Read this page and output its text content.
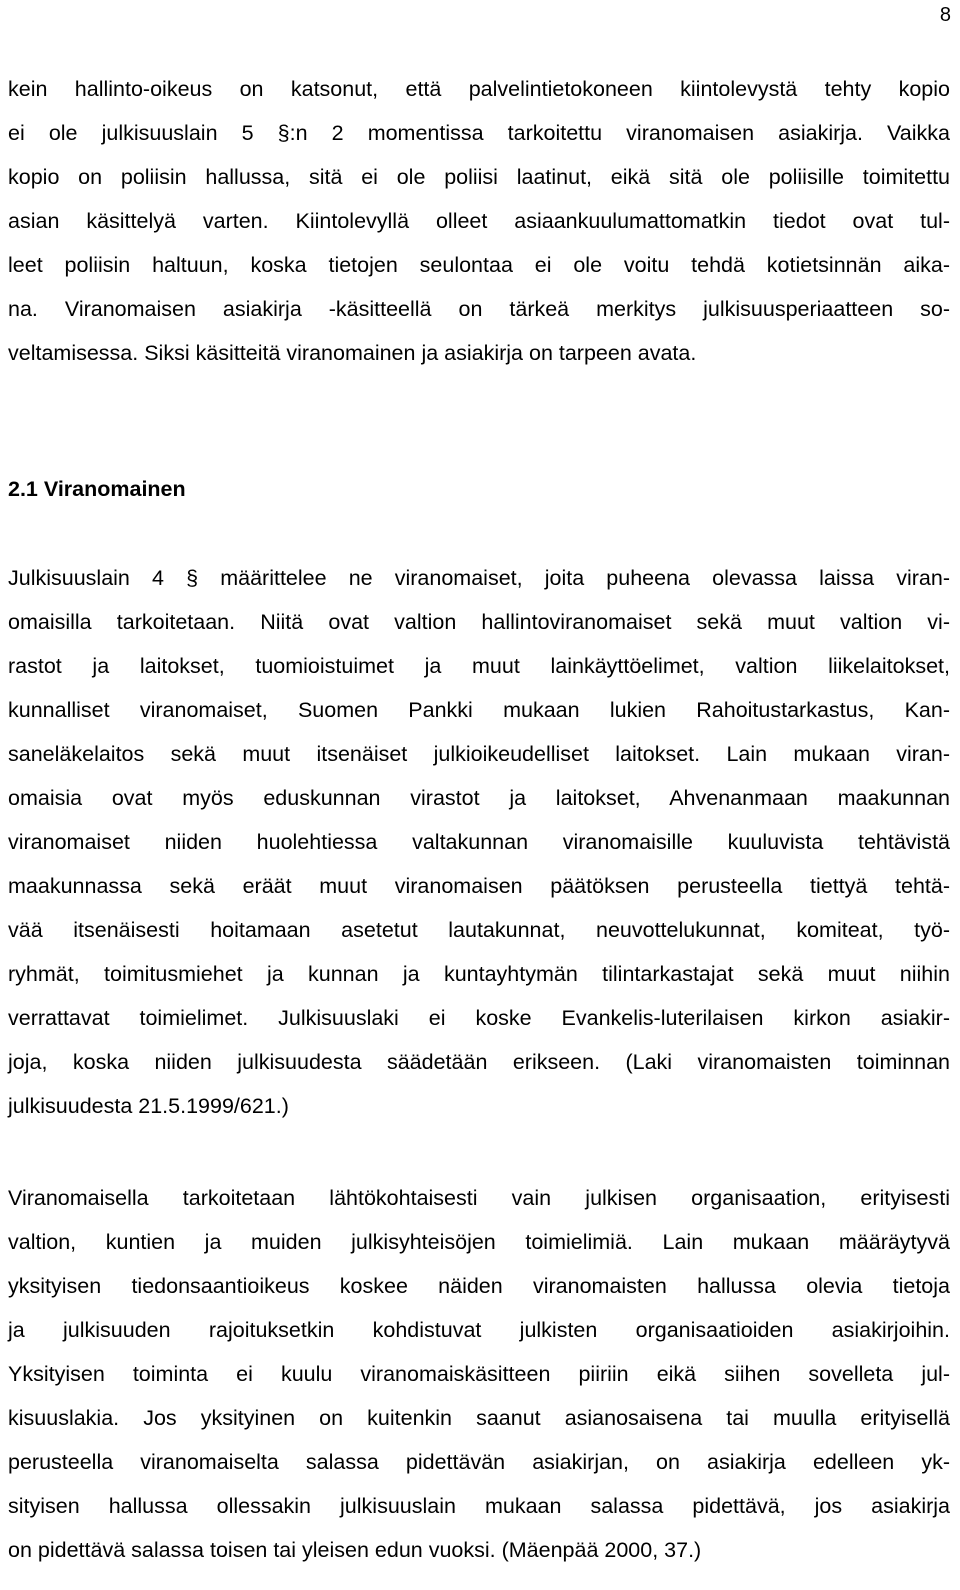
8
kein hallinto-oikeus on katsonut, että palvelintietokoneen kiintolevystä tehty kopio
ei ole julkisuuslain 5 §:n 2 momentissa tarkoitettu viranomaisen asiakirja. Vaikka
kopio on poliisin hallussa, sitä ei ole poliisi laatinut, eikä sitä ole poliisille toimitettu
asian käsittelyä varten. Kiintolevyllä olleet asiaankuulumattomatkin tiedot ovat tul-
leet poliisin haltuun, koska tietojen seulontaa ei ole voitu tehdä kotietsinnän aika-
na. Viranomaisen asiakirja -käsitteellä on tärkeä merkitys julkisuusperiaatteen so-
veltamisessa. Siksi käsitteitä viranomainen ja asiakirja on tarpeen avata.
2.1 Viranomainen
Julkisuuslain 4 § määrittelee ne viranomaiset, joita puheena olevassa laissa viran-
omaisilla tarkoitetaan. Niitä ovat valtion hallintoviranomaiset sekä muut valtion vi-
rastot ja laitokset, tuomioistuimet ja muut lainkäyttöelimet, valtion liikelaitokset,
kunnalliset viranomaiset, Suomen Pankki mukaan lukien Rahoitustarkastus, Kan-
saneläkelaitos sekä muut itsenäiset julkioikeudelliset laitokset. Lain mukaan viran-
omaisia ovat myös eduskunnan virastot ja laitokset, Ahvenanmaan maakunnan
viranomaiset niiden huolehtiessa valtakunnan viranomaisille kuuluvista tehtävistä
maakunnassa sekä eräät muut viranomaisen päätöksen perusteella tiettyä tehtä-
vää itsenäisesti hoitamaan asetetut lautakunnat, neuvottelukunnat, komiteat, työ-
ryhmät, toimitusmiehet ja kunnan ja kuntayhtymän tilintarkastajat sekä muut niihin
verrattavat toimielimet. Julkisuuslaki ei koske Evankelis-luterilaisen kirkon asiakir-
joja, koska niiden julkisuudesta säädetään erikseen. (Laki viranomaisten toiminnan
julkisuudesta 21.5.1999/621.)
Viranomaisella tarkoitetaan lähtökohtaisesti vain julkisen organisaation, erityisesti
valtion, kuntien ja muiden julkisyhteisöjen toimielimiä. Lain mukaan määräytyvä
yksityisen tiedonsaantioikeus koskee näiden viranomaisten hallussa olevia tietoja
ja julkisuuden rajoituksetkin kohdistuvat julkisten organisaatioiden asiakirjoihin.
Yksityisen toiminta ei kuulu viranomaiskäsitteen piiriin eikä siihen sovelleta jul-
kisuuslakia. Jos yksityinen on kuitenkin saanut asianosaisena tai muulla erityisellä
perusteella viranomaiselta salassa pidettävän asiakirjan, on asiakirja edelleen yk-
sityisen hallussa ollessakin julkisuuslain mukaan salassa pidettävä, jos asiakirja
on pidettävä salassa toisen tai yleisen edun vuoksi. (Mäenpää 2000, 37.)
